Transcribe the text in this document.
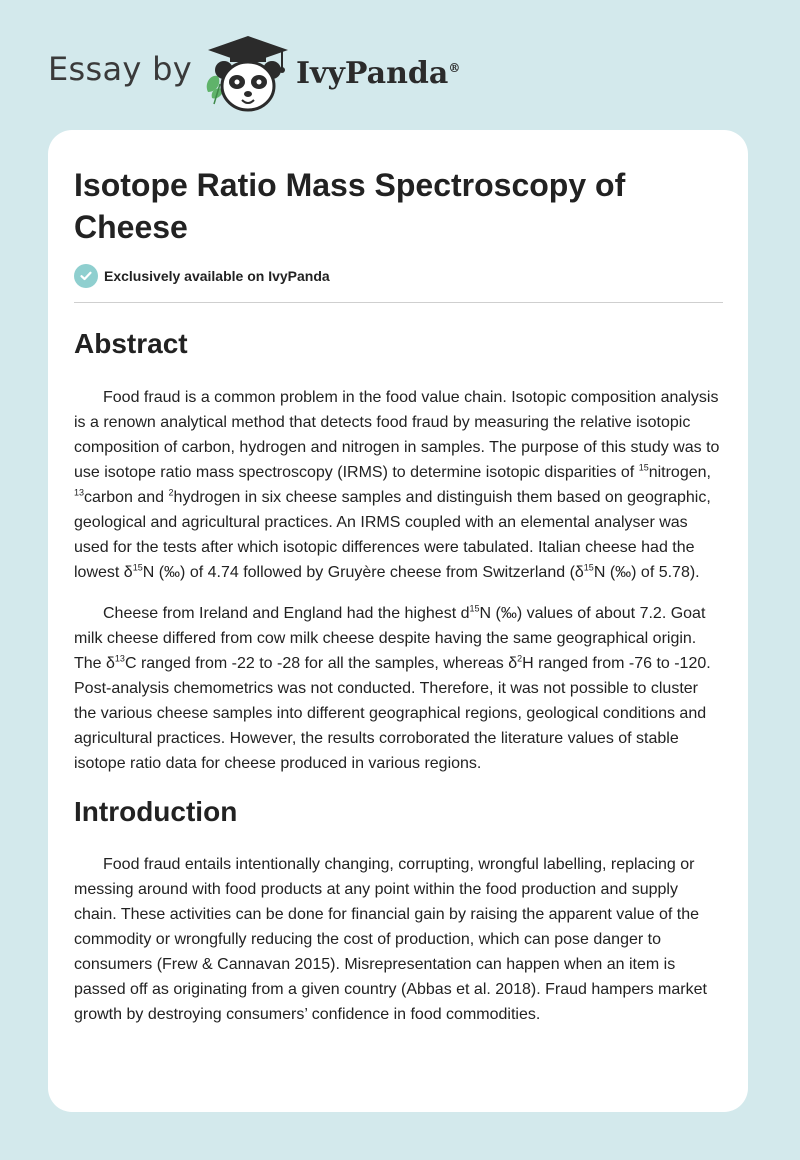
Essay by	IvyPanda®
Isotope Ratio Mass Spectroscopy of Cheese
Exclusively available on IvyPanda
Abstract

Food fraud is a common problem in the food value chain. Isotopic composition analysis is a renown analytical method that detects food fraud by measuring the relative isotopic composition of carbon, hydrogen and nitrogen in samples. The purpose of this study was to use isotope ratio mass spectroscopy (IRMS) to determine isotopic disparities of $^{15}$nitrogen, $^{13}$carbon and $^2$hydrogen in six cheese samples and distinguish them based on geographic, geological and agricultural practices. An IRMS coupled with an elemental analyser was used for the tests after which isotopic differences were tabulated. Italian cheese had the lowest $\delta^{15}N$ (‰) of 4.74 followed by Gruyère cheese from Switzerland ($\delta^{15}N$ (‰) of 5.78).

Cheese from Ireland and England had the highest $d^{15}N$ (‰) values of about 7.2. Goat milk cheese differed from cow milk cheese despite having the same geographical origin. The $\delta^{13}C$ ranged from -22 to -28 for all the samples, whereas $\delta^2H$ ranged from -76 to -120. Post-analysis chemometrics was not conducted. Therefore, it was not possible to cluster the various cheese samples into different geographical regions, geological conditions and agricultural practices. However, the results corroborated the literature values of stable isotope ratio data for cheese produced in various regions.

Introduction

Food fraud entails intentionally changing, corrupting, wrongful labelling, replacing or messing around with food products at any point within the food production and supply chain. These activities can be done for financial gain by raising the apparent value of the commodity or wrongfully reducing the cost of production, which can pose danger to consumers (Frew & Cannavan 2015). Misrepresentation can happen when an item is passed off as originating from a given country (Abbas et al. 2018). Fraud hampers market growth by destroying consumers’ confidence in food commodities.
